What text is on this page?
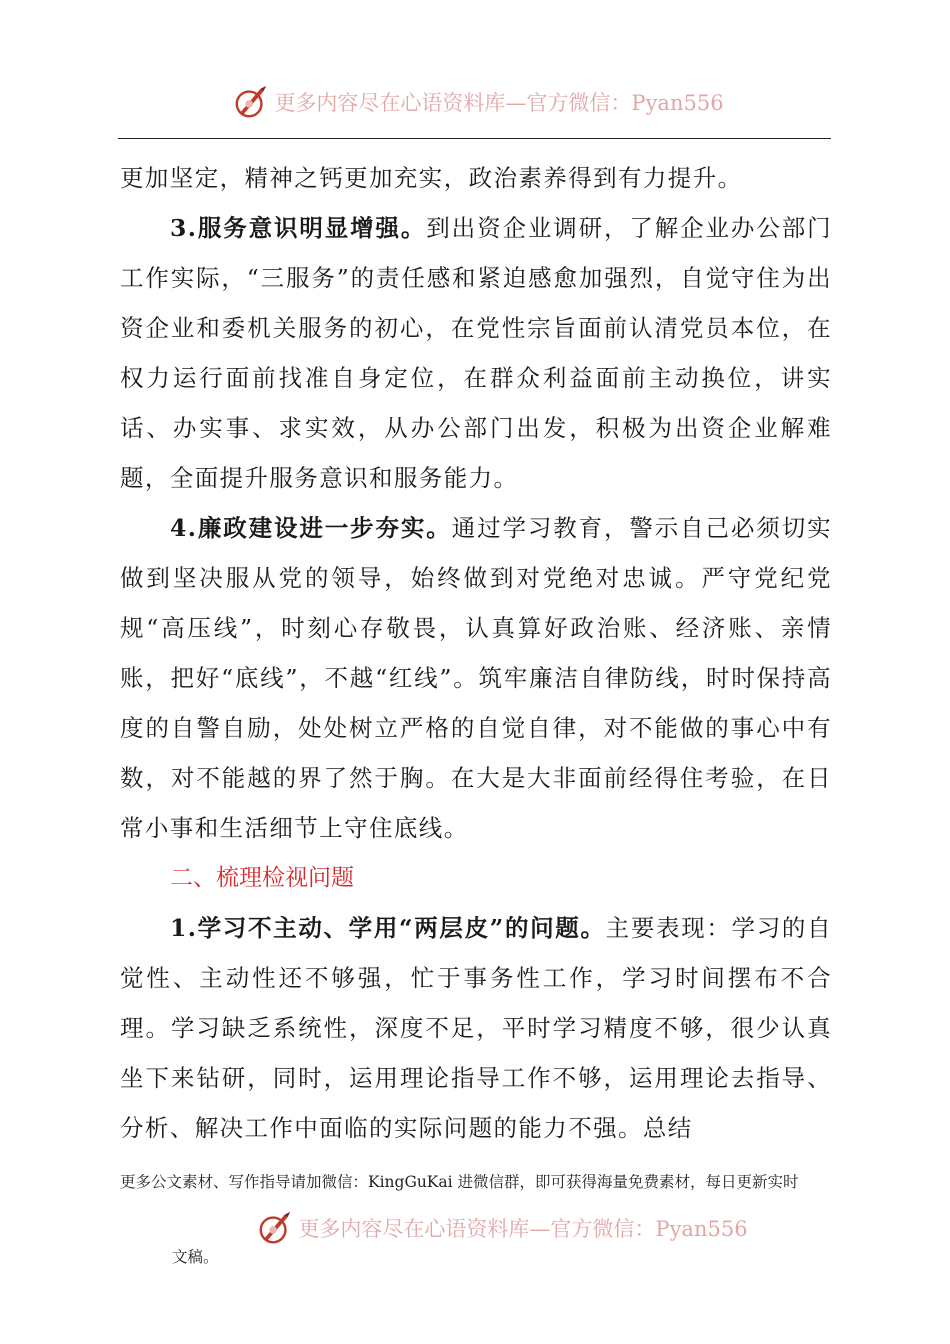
更多内容尽在心语资料库—官方微信：Pyan556

更加坚定，精神之钙更加充实，政治素养得到有力提升。

3.服务意识明显增强。到出资企业调研，了解企业办公部门工作实际，“三服务”的责任感和紧迫感愈加强烈，自觉守住为出资企业和委机关服务的初心，在党性宗旨面前认清党员本位，在权力运行面前找准自身定位，在群众利益面前主动换位，讲实话、办实事、求实效，从办公部门出发，积极为出资企业解难题，全面提升服务意识和服务能力。

4.廉政建设进一步夯实。通过学习教育，警示自己必须切实做到坚决服从党的领导，始终做到对党绝对忠诚。严守党纪党规“高压线”，时刻心存敬畏，认真算好政治账、经济账、亲情账，把好“底线”，不越“红线”。筑牢廉洁自律防线，时时保持高度的自警自励，处处树立严格的自觉自律，对不能做的事心中有数，对不能越的界了然于胸。在大是大非面前经得住考验，在日常小事和生活细节上守住底线。

二、梳理检视问题

1.学习不主动、学用“两层皮”的问题。主要表现：学习的自觉性、主动性还不够强，忙于事务性工作，学习时间摆布不合理。学习缺乏系统性，深度不足，平时学习精度不够，很少认真坐下来钻研，同时，运用理论指导工作不够，运用理论去指导、分析、解决工作中面临的实际问题的能力不强。总结

更多公文素材、写作指导请加微信：KingGuKai 进微信群，即可获得海量免费素材，每日更新实时
更多内容尽在心语资料库—官方微信：Pyan556
文稿。
